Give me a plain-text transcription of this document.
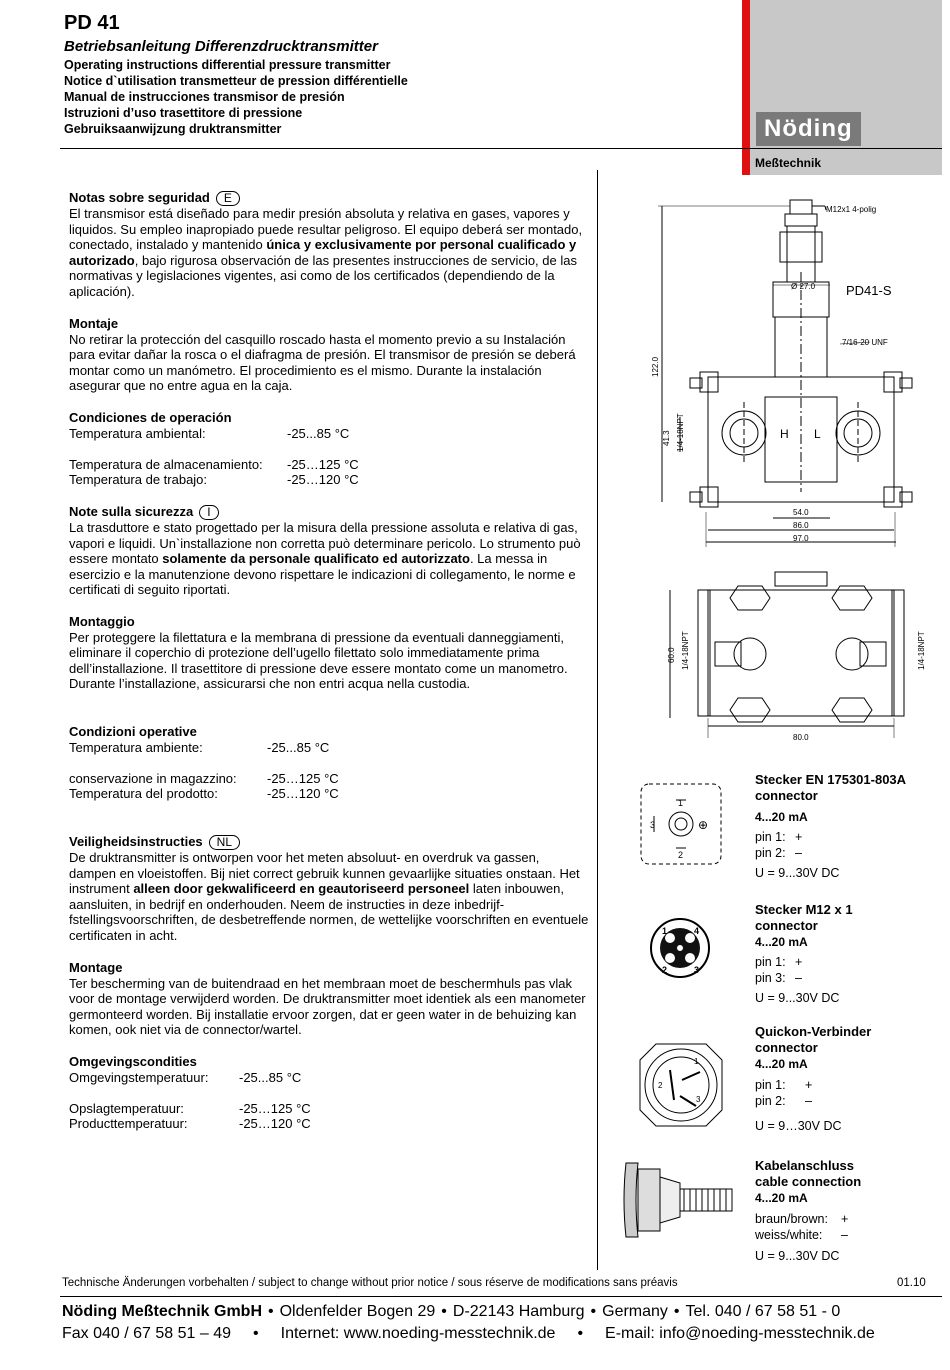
PD 41
Betriebsanleitung Differenzdrucktransmitter
Operating instructions differential pressure transmitter
Notice d`utilisation transmetteur de pression différentielle
Manual de instrucciones transmisor de presión
Istruzioni d’uso trasettitore di pressione
Gebruiksaanwijzung druktransmitter	Nöding
Meßtechnik
Notas sobre seguridad E
El transmisor está diseñado para medir presión absoluta y relativa en gases, vapores y liquidos. Su empleo inapropiado puede resultar peligroso. El equipo deberá ser montado, conectado, instalado y mantenido única y exclusivamente por personal cualificado y autorizado, bajo rigurosa observación de las presentes instrucciones de servicio, de las normativas y legislaciones vigentes, asi como de los certificados (dependiendo de la aplicación).
Montaje
No retirar la protección del casquillo roscado hasta el momento previo a su Instalación para evitar dañar la rosca o el diafragma de presión. El transmisor de presión se deberá montar como un manómetro. El procedimiento es el mismo. Durante la instalación asegurar que no entre agua en la caja.
Condiciones de operación
Temperatura ambiental:	-25...85 °C
Temperatura de almacenamiento:	-25…125 °C
Temperatura de trabajo:	-25…120 °C
Note sulla sicurezza I
La trasduttore e stato progettado per la misura della pressione assoluta e relativa di gas, vapori e liquidi. Un`installazione non corretta può determinare pericolo. Lo strumento può essere montato solamente da personale qualificato ed autorizzato. La messa in esercizio e la manutenzione devono rispettare le indicazioni di collegamento, le norme e certificati di seguito riportati.
Montaggio
Per proteggere la filettatura e la membrana di pressione da eventuali danneggiamenti, eliminare il coperchio di protezione dell’ugello filettato solo immediatamente prima dell’installazione. Il trasettitore di pressione deve essere montato come un manometro. Durante l’installazione, assicurarsi che non entri acqua nella custodia.
Condizioni operative
Temperatura ambiente:	-25...85 °C
conservazione in magazzino:	-25…125 °C
Temperatura del prodotto:	-25…120 °C
Veiligheidsinstructies NL
De druktransmitter is ontworpen voor het meten absoluut- en overdruk va gassen, dampen en vloeistoffen. Bij niet correct gebruik kunnen gevaarlijke situaties onstaan. Het instrument alleen door gekwalificeerd en geautoriseerd personeel laten inbouwen, aansluiten, in bedrijf en onderhouden. Neem de instructies in deze inbedrijf-fstellingsvoorschriften, de desbetreffende normen, de wettelijke voorschriften en eventuele certificaten in acht.
Montage
Ter bescherming van de buitendraad en het membraan moet de beschermhuls pas vlak voor de montage verwijderd worden. De druktransmitter moet identiek als een manometer germonteerd worden. Bij installatie ervoor zorgen, dat er geen water in de behuizing kan komen, ook niet via de connector/wartel.
Omgevingscondities
Omgevingstemperatuur:	-25...85 °C
Opslagtemperatuur:	-25…125 °C
Producttemperatuur:	-25…120 °C
M12x1 4-polig
Ø 27.0 PD41-S
7/16-20 UNF
122.0
41.3 1/4-18NPT	H L
54.0
86.0
97.0
60.0 1/4-18NPT	1/4-18NPT
80.0
1
2
3	⊕
Stecker EN 175301-803A
connector
4...20 mA
pin 1: +
pin 2: –
U = 9...30V DC
1	4
2	3
Stecker M12 x 1
connector
4...20 mA
pin 1: +
pin 3: –
U = 9...30V DC
1
2
3
Quickon-Verbinder
connector
4...20 mA
pin 1:	+
pin 2:	–
U = 9…30V DC
Kabelanschluss
cable connection
4...20 mA
braun/brown:	+
weiss/white:	–
U = 9...30V DC
Technische Änderungen vorbehalten / subject to change without prior notice / sous réserve de modifications sans préavis	01.10
Nöding Meßtechnik GmbH • Oldenfelder Bogen 29 • D-22143 Hamburg • Germany • Tel. 040 / 67 58 51 - 0
Fax 040 / 67 58 51 – 49 • Internet: www.noeding-messtechnik.de • E-mail: info@noeding-messtechnik.de
